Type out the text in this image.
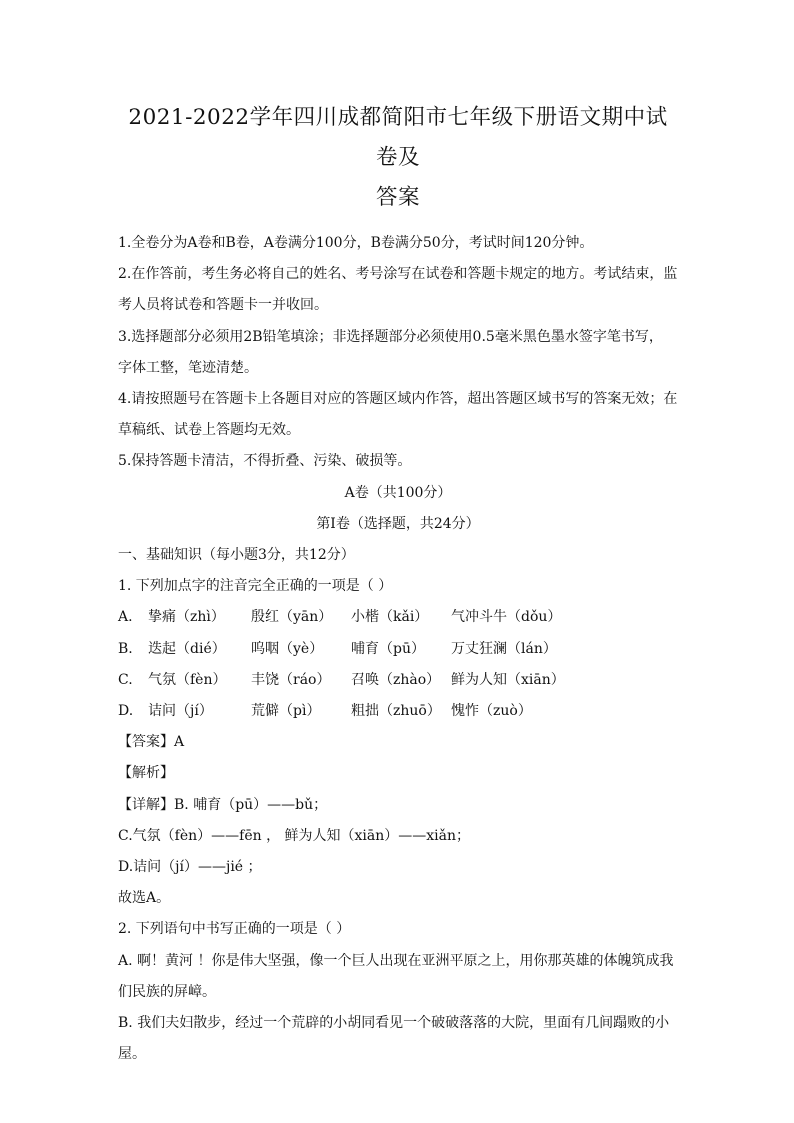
2021-2022学年四川成都简阳市七年级下册语文期中试卷及
答案
1.全卷分为A卷和B卷，A卷满分100分，B卷满分50分，考试时间120分钟。
2.在作答前，考生务必将自己的姓名、考号涂写在试卷和答题卡规定的地方。考试结束，监
考人员将试卷和答题卡一并收回。
3.选择题部分必须用2B铅笔填涂；非选择题部分必须使用0.5毫米黑色墨水签字笔书写，
字体工整，笔迹清楚。
4.请按照题号在答题卡上各题目对应的答题区域内作答，超出答题区域书写的答案无效；在
草稿纸、试卷上答题均无效。
5.保持答题卡清洁，不得折叠、污染、破损等。
A卷（共100分）
第Ⅰ卷（选择题，共24分）
一、基础知识（每小题3分，共12分）
1. 下列加点字的注音完全正确的一项是（ ）
A.	挚痛（zhì）	殷红（yān）	小楷（kǎi）	气冲斗牛（dǒu）
B.	迭起（dié）	呜咽（yè）	哺育（pū）	万丈狂澜（lán）
C.	气氛（fèn）	丰饶（ráo）	召唤（zhào） 鲜为人知（xiān）
D.	诘问（jí）	荒僻（pì）	粗拙（zhuō） 愧怍（zuò）
【答案】A
【解析】
【详解】B. 哺育（pū）——bǔ；
C.气氛（fèn）——fēn ， 鲜为人知（xiān）——xiǎn；
D.诘问（jí）——jié ；
故选A。
2. 下列语句中书写正确的一项是（ ）
A. 啊！黄河 ！你是伟大坚强，像一个巨人出现在亚洲平原之上，用你那英雄的体魄筑成我
们民族的屏嶂。
B. 我们夫妇散步，经过一个荒辟的小胡同看见一个破破落落的大院，里面有几间蹋败的小
屋。
